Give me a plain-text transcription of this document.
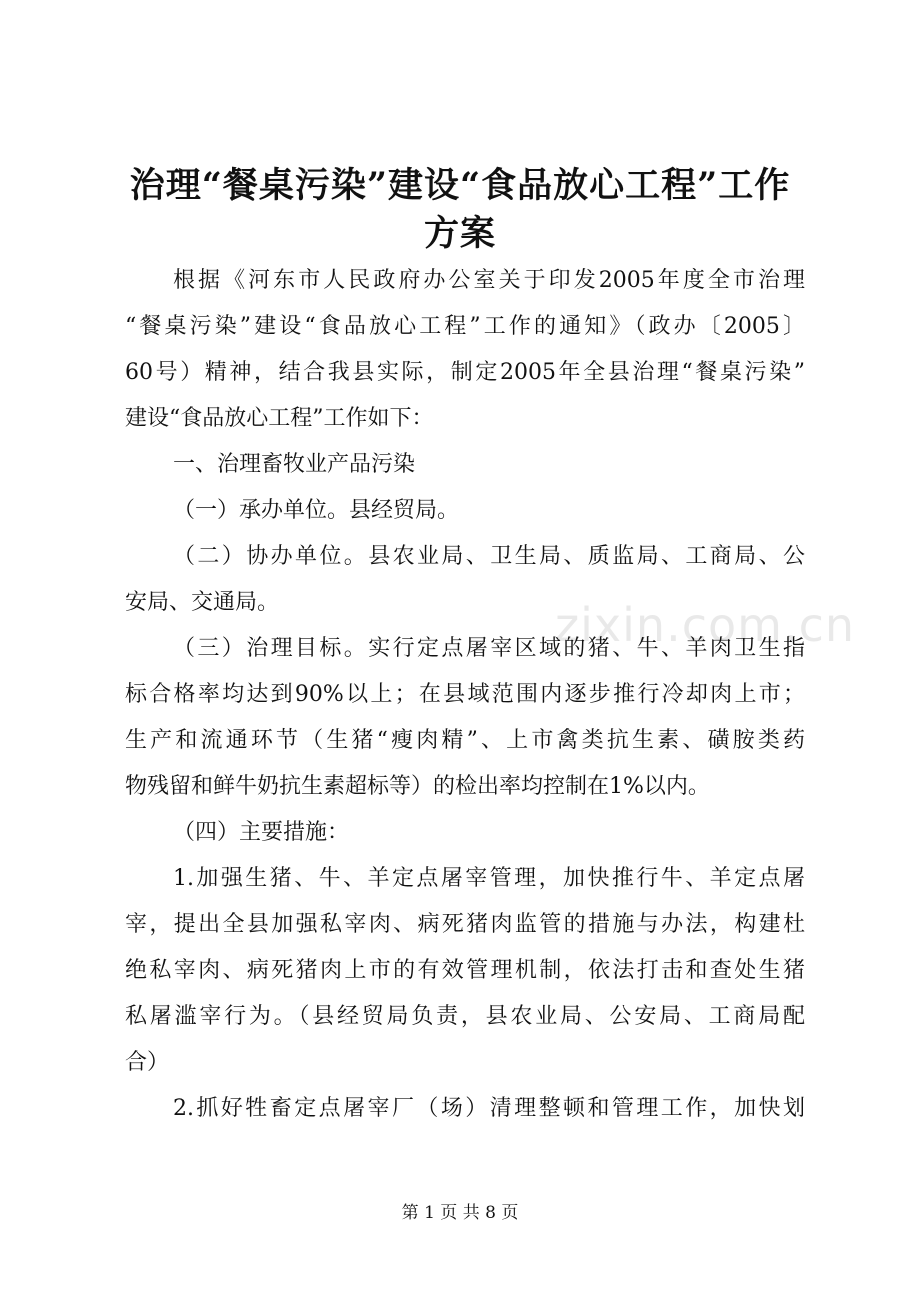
治理“餐桌污染”建设“食品放心工程”工作
方案
zixin.com.cn
根据《河东市人民政府办公室关于印发2005年度全市治理
“餐桌污染”建设“食品放心工程”工作的通知》（政办〔2005〕
60号）精神，结合我县实际，制定2005年全县治理“餐桌污染”
建设“食品放心工程”工作如下：
一、治理畜牧业产品污染
（一）承办单位。县经贸局。
（二）协办单位。县农业局、卫生局、质监局、工商局、公
安局、交通局。
（三）治理目标。实行定点屠宰区域的猪、牛、羊肉卫生指
标合格率均达到90%以上；在县域范围内逐步推行冷却肉上市；
生产和流通环节（生猪“瘦肉精”、上市禽类抗生素、磺胺类药
物残留和鲜牛奶抗生素超标等）的检出率均控制在1%以内。
（四）主要措施：
1.加强生猪、牛、羊定点屠宰管理，加快推行牛、羊定点屠
宰，提出全县加强私宰肉、病死猪肉监管的措施与办法，构建杜
绝私宰肉、病死猪肉上市的有效管理机制，依法打击和查处生猪
私屠滥宰行为。（县经贸局负责，县农业局、公安局、工商局配
合）
2.抓好牲畜定点屠宰厂（场）清理整顿和管理工作，加快划
第 1 页 共 8 页
